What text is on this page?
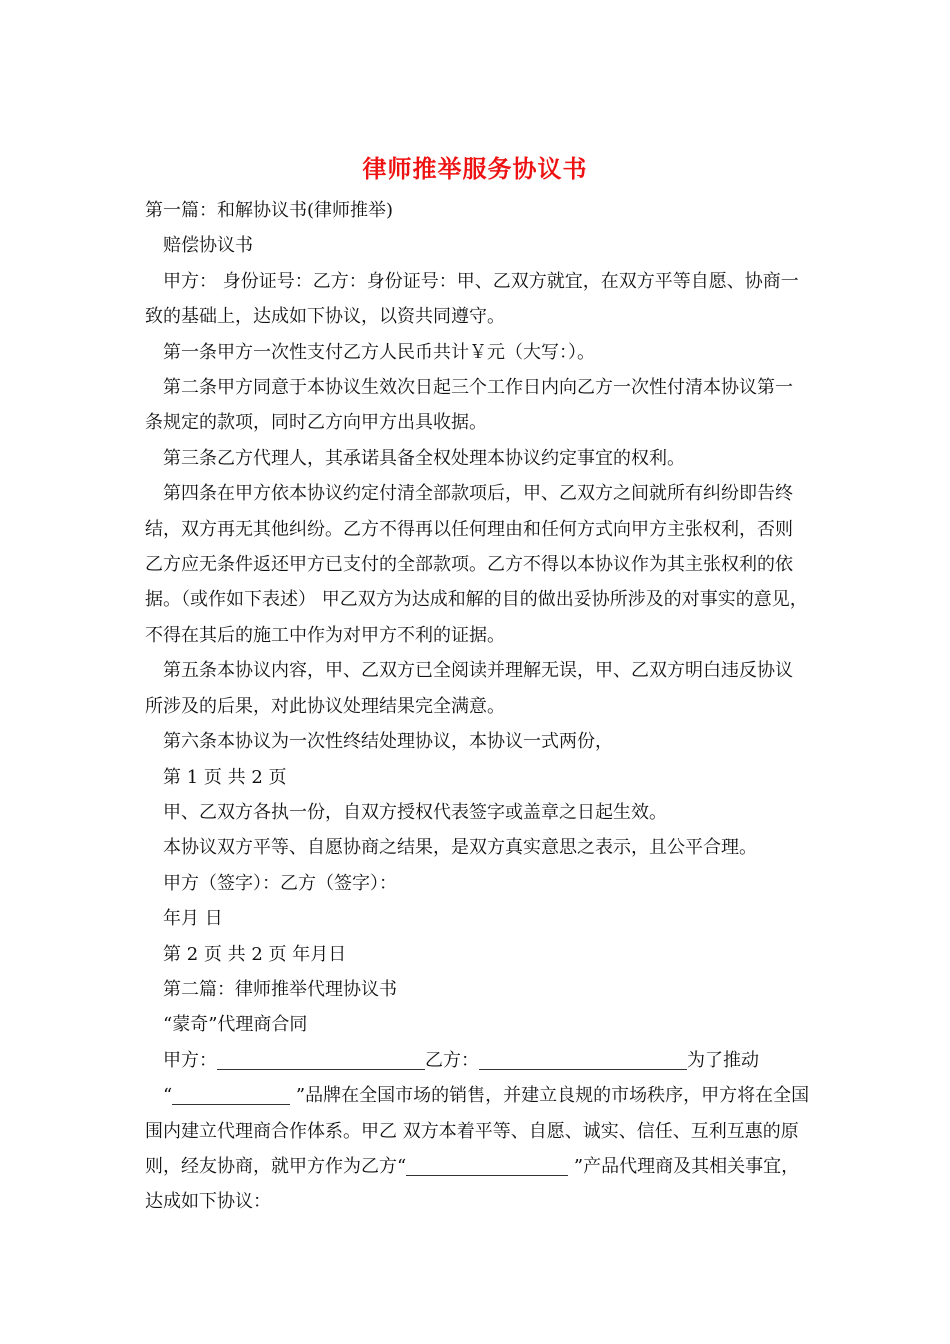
律师推举服务协议书

第一篇：和解协议书(律师推举)

赔偿协议书

甲方： 身份证号：乙方：身份证号：甲、乙双方就宜，在双方平等自愿、协商一致的基础上，达成如下协议，以资共同遵守。

第一条甲方一次性支付乙方人民币共计￥元（大写：）。

第二条甲方同意于本协议生效次日起三个工作日内向乙方一次性付清本协议第一条规定的款项，同时乙方向甲方出具收据。

第三条乙方代理人，其承诺具备全权处理本协议约定事宜的权利。

第四条在甲方依本协议约定付清全部款项后，甲、乙双方之间就所有纠纷即告终结，双方再无其他纠纷。乙方不得再以任何理由和任何方式向甲方主张权利，否则乙方应无条件返还甲方已支付的全部款项。乙方不得以本协议作为其主张权利的依据。（或作如下表述） 甲乙双方为达成和解的目的做出妥协所涉及的对事实的意见，不得在其后的施工中作为对甲方不利的证据。

第五条本协议内容，甲、乙双方已全阅读并理解无误，甲、乙双方明白违反协议所涉及的后果，对此协议处理结果完全满意。

第六条本协议为一次性终结处理协议，本协议一式两份，

第 1 页 共 2 页

甲、乙双方各执一份，自双方授权代表签字或盖章之日起生效。

本协议双方平等、自愿协商之结果，是双方真实意思之表示，且公平合理。

甲方（签字）：乙方（签字）：

年月 日

第 2 页 共 2 页 年月日

第二篇：律师推举代理协议书

“蒙奇”代理商合同

甲方：	乙方：	为了推动

“	”品牌在全国市场的销售，并建立良规的市场秩序，甲方将在全国围内建立代理商合作体系。甲乙 双方本着平等、自愿、诚实、信任、互利互惠的原则，经友协商，就甲方作为乙方“	”产品代理商及其相关事宜，达成如下协议：
